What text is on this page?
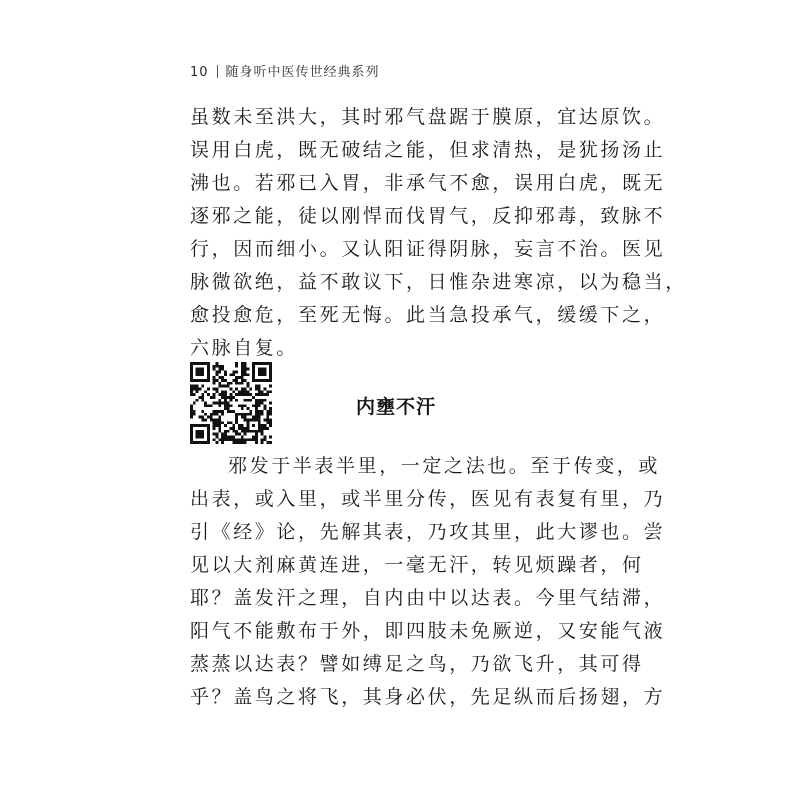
10 随身听中医传世经典系列
虽数未至洪大，其时邪气盘踞于膜原，宜达原饮。
误用白虎，既无破结之能，但求清热，是犹扬汤止
沸也。若邪已入胃，非承气不愈，误用白虎，既无
逐邪之能，徒以刚悍而伐胃气，反抑邪毒，致脉不
行，因而细小。又认阳证得阴脉，妄言不治。医见
脉微欲绝，益不敢议下，日惟杂进寒凉，以为稳当，
愈投愈危，至死无悔。此当急投承气，缓缓下之，
六脉自复。
内壅不汗
邪发于半表半里，一定之法也。至于传变，或
出表，或入里，或半里分传，医见有表复有里，乃
引《经》论，先解其表，乃攻其里，此大谬也。尝
见以大剂麻黄连进，一毫无汗，转见烦躁者，何
耶？盖发汗之理，自内由中以达表。今里气结滞，
阳气不能敷布于外，即四肢未免厥逆，又安能气液
蒸蒸以达表？譬如缚足之鸟，乃欲飞升，其可得
乎？盖鸟之将飞，其身必伏，先足纵而后扬翅，方
